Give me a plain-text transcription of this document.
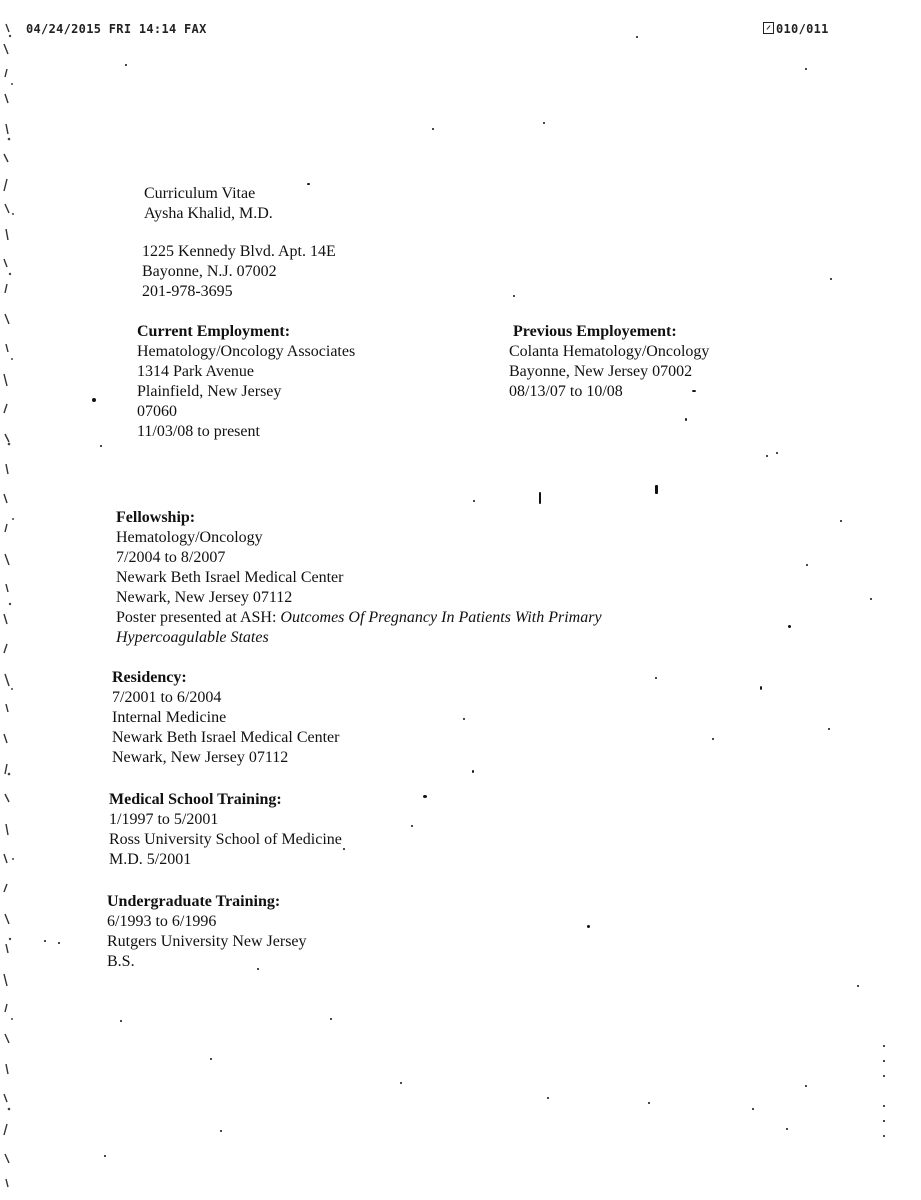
04/24/2015 FRI 14:14 FAX	010/011
Curriculum Vitae
Aysha Khalid, M.D.
1225 Kennedy Blvd. Apt. 14E
Bayonne, N.J. 07002
201-978-3695
Current Employment:
Hematology/Oncology Associates
1314 Park Avenue
Plainfield, New Jersey
07060
11/03/08 to present
Previous Employement:
Colanta Hematology/Oncology
Bayonne, New Jersey 07002
08/13/07 to 10/08
Fellowship:
Hematology/Oncology
7/2004 to 8/2007
Newark Beth Israel Medical Center
Newark, New Jersey 07112
Poster presented at ASH: Outcomes Of Pregnancy In Patients With Primary
Hypercoagulable States
Residency:
7/2001 to 6/2004
Internal Medicine
Newark Beth Israel Medical Center
Newark, New Jersey 07112
Medical School Training:
1/1997 to 5/2001
Ross University School of Medicine
M.D. 5/2001
Undergraduate Training:
6/1993 to 6/1996
Rutgers University New Jersey
B.S.
